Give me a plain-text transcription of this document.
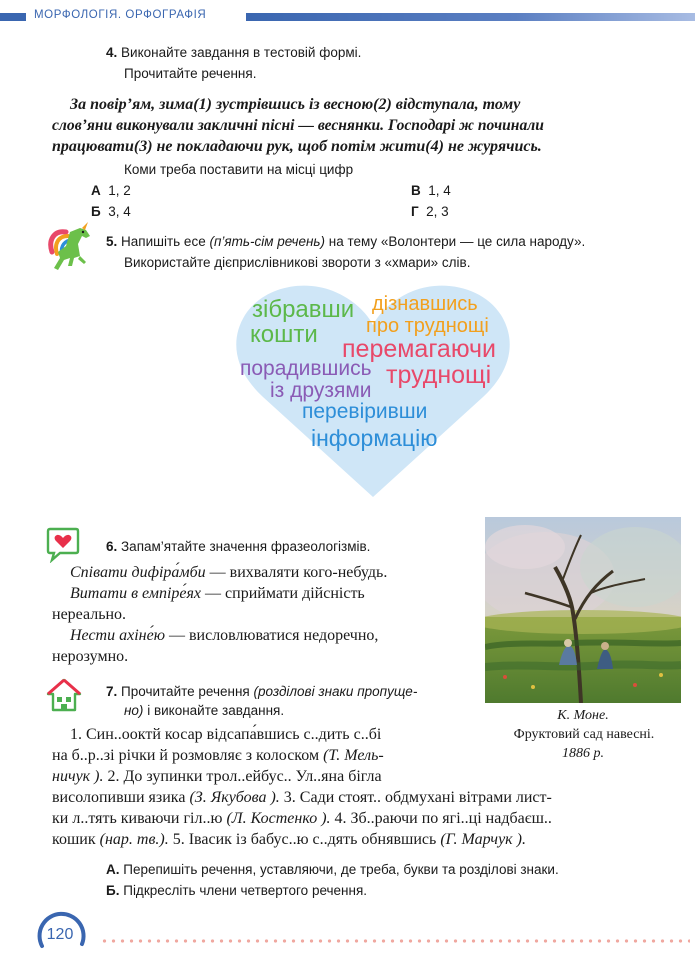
МОРФОЛОГІЯ. ОРФОГРАФІЯ
4. Виконайте завдання в тестовій формі.
Прочитайте речення.
За повір’ям, зима(1) зустрівшись із весною(2) відступала, тому
слов’яни виконували закличні пісні — веснянки. Господарі ж починали
працювати(3) не покладаючи рук, щоб потім жити(4) не журячись.
Коми треба поставити на місці цифр
А 1, 2
Б 3, 4
В 1, 4
Г 2, 3
5. Напишіть есе (п’ять-сім речень) на тему «Волонтери — це сила народу».
Використайте дієприслівникові звороти з «хмари» слів.
зібравши
кошти
дізнавшись
про труднощі
перемагаючи
порадившись труднощі
із друзями
перевіривши
інформацію
6. Запам’ятайте значення фразеологізмів.
Співати дифіра́мби — вихваляти кого-небудь.
Витати в емпіре́ях — сприймати дійсність
нереально.
Нести ахіне́ю — висловлюватися недоречно,
нерозумно.
К. Моне.
Фруктовий сад навесні.
1886 р.
7. Прочитайте речення (розділові знаки пропуще-
но) і виконайте завдання.
1. Син..ооктй косар відсапа́вшись с..дить с..бі
на б..р..зі річки й розмовляє з колоском (Т. Мель-
ничук ). 2. До зупинки трол..ейбус.. Ул..яна бігла
висолопивши язика (З. Якубова ). 3. Сади стоят.. обдмухані вітрами лист-
ки л..тять киваючи гіл..ю (Л. Костенко ). 4. Зб..раючи по ягі..ці надбаєш..
кошик (нар. тв.). 5. Івасик із бабус..ю с..дять обнявшись (Г. Марчук ).
А. Перепишіть речення, уставляючи, де треба, букви та розділові знаки.
Б. Підкресліть члени четвертого речення.
120
